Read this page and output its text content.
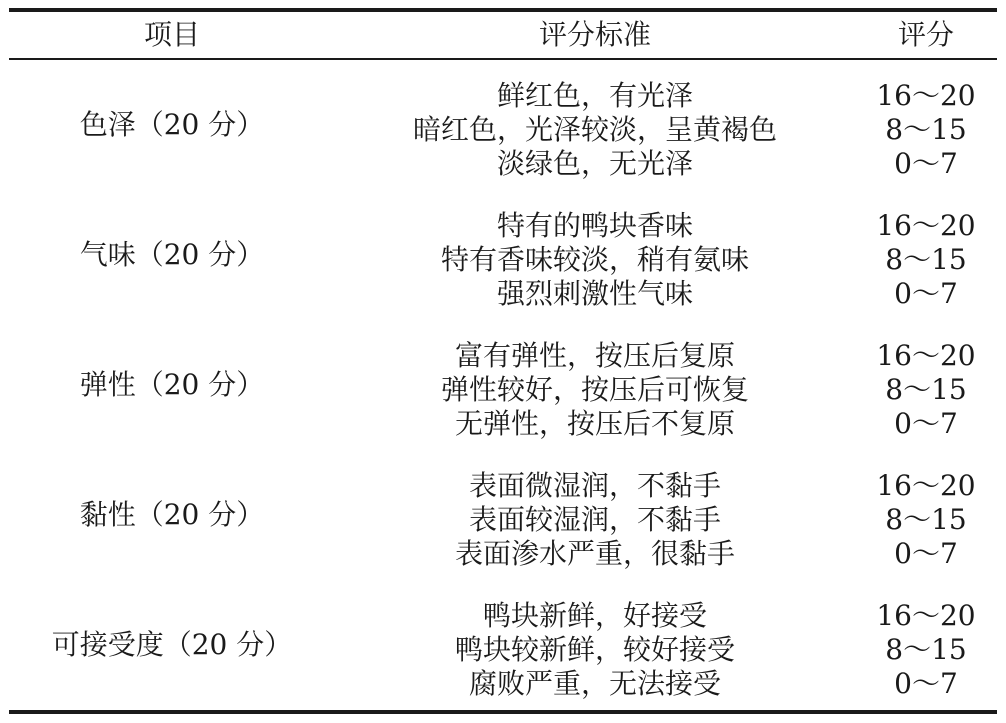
项目	评分标准	评分
色泽（20 分）
鲜红色，有光泽
暗红色，光泽较淡，呈黄褐色
淡绿色，无光泽
16～20
8～15
0～7
气味（20 分）
特有的鸭块香味
特有香味较淡，稍有氨味
强烈刺激性气味
16～20
8～15
0～7
弹性（20 分）
富有弹性，按压后复原
弹性较好，按压后可恢复
无弹性，按压后不复原
16～20
8～15
0～7
黏性（20 分）
表面微湿润，不黏手
表面较湿润，不黏手
表面渗水严重，很黏手
16～20
8～15
0～7
可接受度（20 分）
鸭块新鲜，好接受
鸭块较新鲜，较好接受
腐败严重，无法接受
16～20
8～15
0～7
